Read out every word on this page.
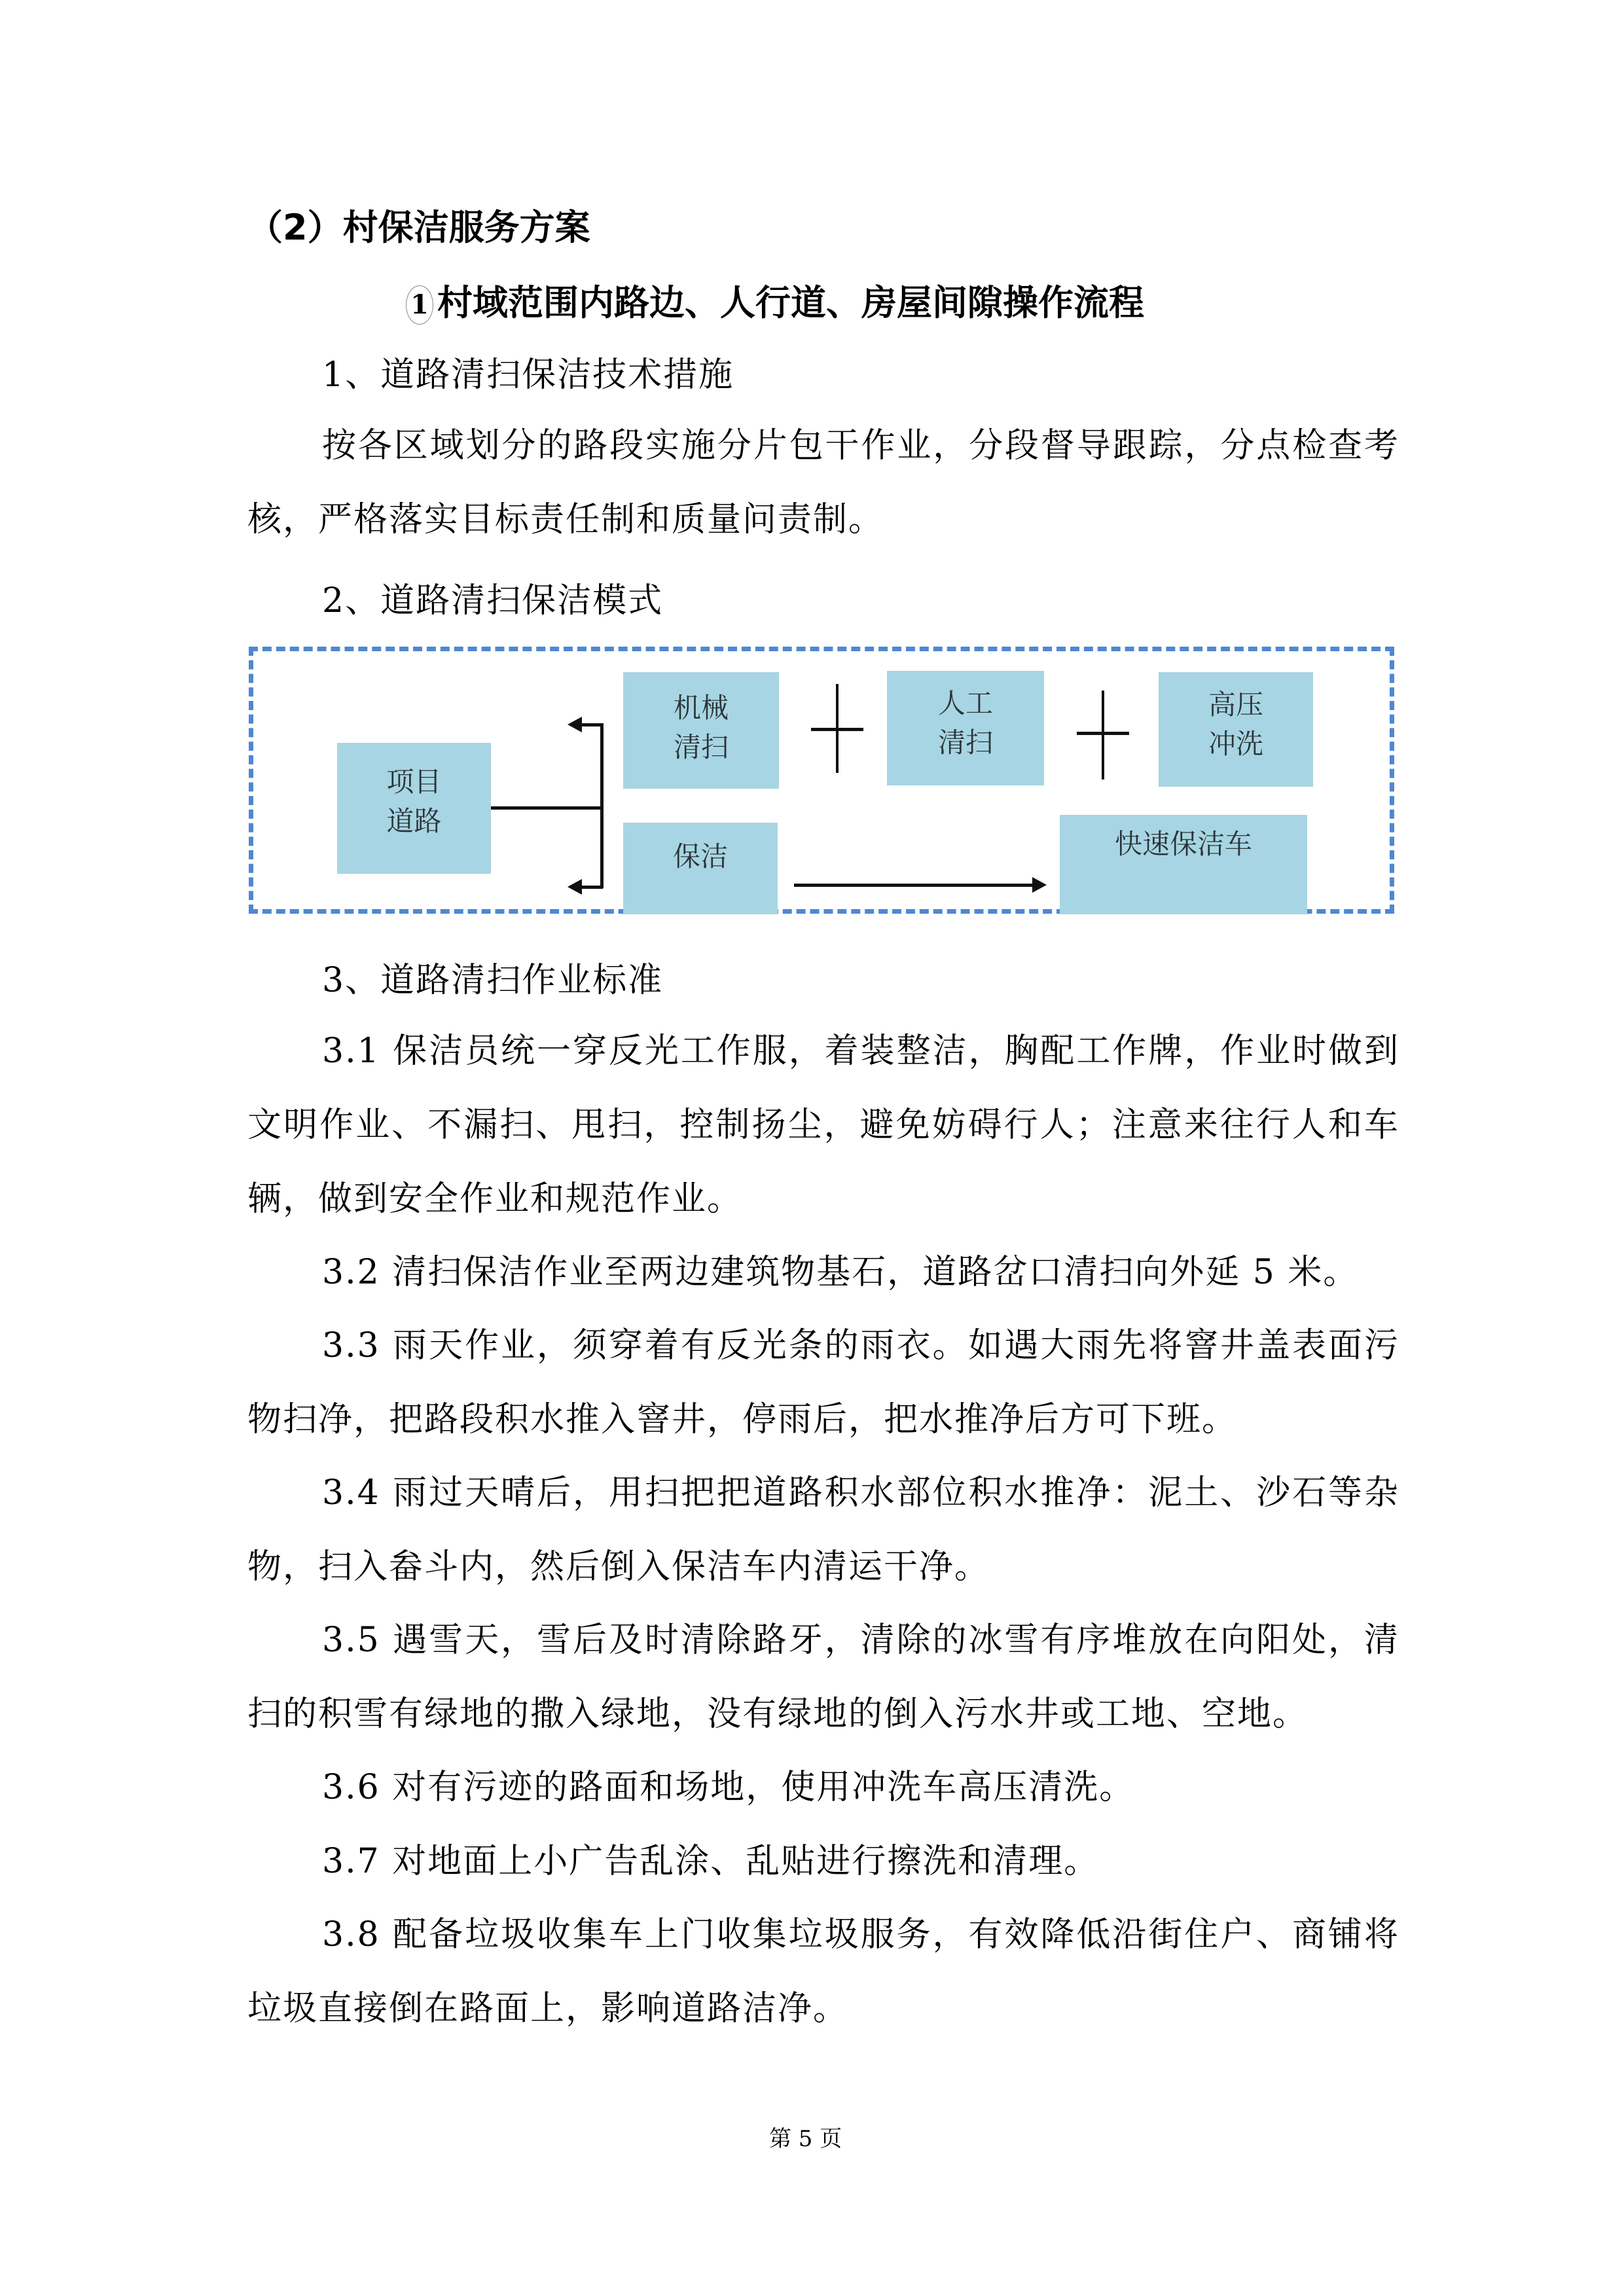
（2）村保洁服务方案
1 村域范围内路边、人行道、房屋间隙操作流程
1、道路清扫保洁技术措施
按各区域划分的路段实施分片包干作业，分段督导跟踪，分点检查考核，严格落实目标责任制和质量问责制。
2、道路清扫保洁模式
项目
道路
机械
清扫
人工
清扫
高压
冲洗
保洁	快速保洁车
3、道路清扫作业标准
3.1 保洁员统一穿反光工作服，着装整洁，胸配工作牌，作业时做到文明作业、不漏扫、甩扫，控制扬尘，避免妨碍行人；注意来往行人和车辆，做到安全作业和规范作业。
3.2 清扫保洁作业至两边建筑物基石，道路岔口清扫向外延 5 米。
3.3 雨天作业，须穿着有反光条的雨衣。如遇大雨先将窨井盖表面污物扫净，把路段积水推入窨井，停雨后，把水推净后方可下班。
3.4 雨过天晴后，用扫把把道路积水部位积水推净：泥土、沙石等杂物，扫入畚斗内，然后倒入保洁车内清运干净。
3.5 遇雪天，雪后及时清除路牙，清除的冰雪有序堆放在向阳处，清扫的积雪有绿地的撒入绿地，没有绿地的倒入污水井或工地、空地。
3.6 对有污迹的路面和场地，使用冲洗车高压清洗。
3.7 对地面上小广告乱涂、乱贴进行擦洗和清理。
3.8 配备垃圾收集车上门收集垃圾服务，有效降低沿街住户、商铺将垃圾直接倒在路面上，影响道路洁净。
第 5 页
